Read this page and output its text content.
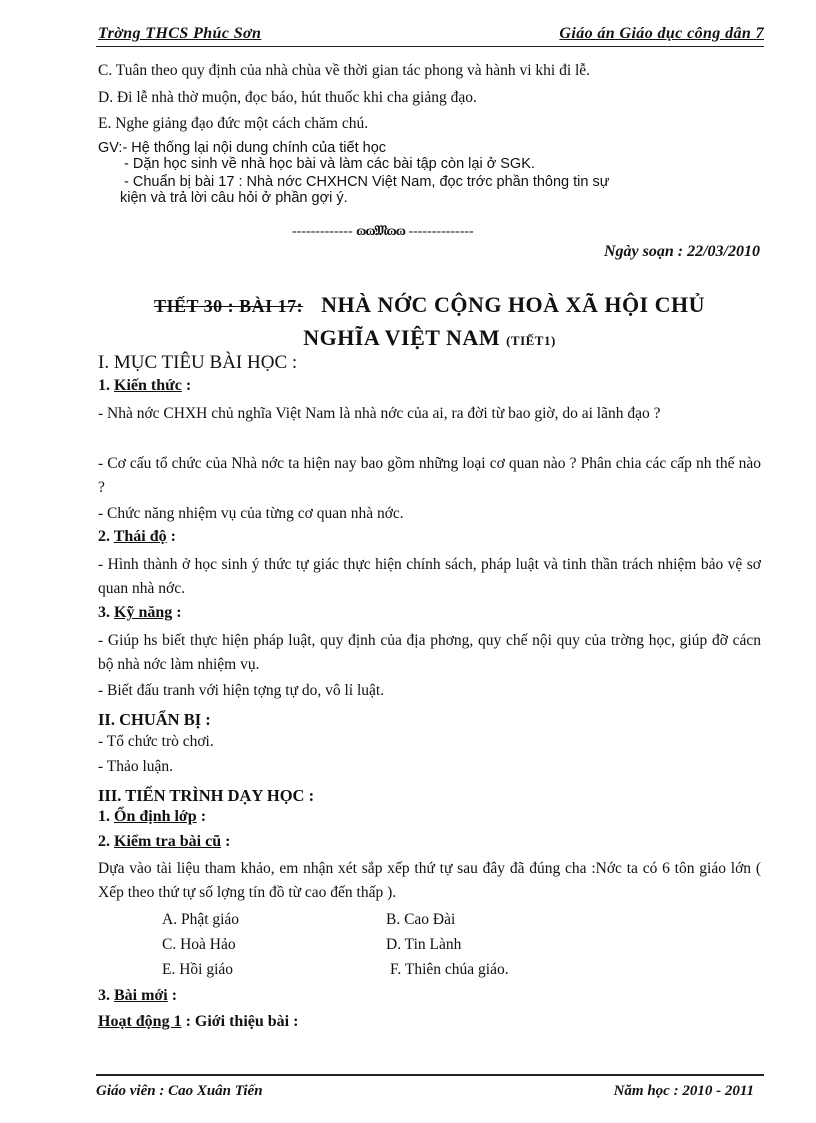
Trờng THCS Phúc Sơn	Giáo án Giáo dục công dân 7
C. Tuân theo quy định của nhà chùa về thời gian tác phong và hành vi khi đi lễ.
D. Đi lễ nhà thờ muộn, đọc báo, hút thuốc khi cha giảng đạo.
E. Nghe giảng đạo đức một cách chăm chú.
GV:- Hệ thống lại nội dung chính của tiết học
- Dặn học sinh về nhà học bài và làm các bài tập còn lại ở SGK.
- Chuẩn bị bài 17 : Nhà nớc CHXHCN Việt Nam, đọc trớc phần thông tin sự
kiện và trả lời câu hỏi ở phần gợi ý.
------------- ɷɷ𝔐ɷɷ --------------
Ngày soạn : 22/03/2010
TIẾT 30 : BÀI 17: NHÀ NỚC CỘNG HOÀ XÃ HỘI CHỦ
NGHĨA VIỆT NAM (TIẾT1)
I. MỤC TIÊU BÀI HỌC :
1. Kiến thức :
- Nhà nớc CHXH chủ nghĩa Việt Nam là nhà nớc của ai, ra đời từ bao giờ, do ai lãnh đạo ?
- Cơ cấu tổ chức của Nhà nớc ta hiện nay bao gồm những loại cơ quan nào ? Phân chia các cấp nh thế nào ?
- Chức năng nhiệm vụ của từng cơ quan nhà nớc.
2. Thái độ :
- Hình thành ở học sinh ý thức tự giác thực hiện chính sách, pháp luật và tinh thần trách nhiệm bảo vệ sơ quan nhà nớc.
3. Kỹ năng :
- Giúp hs biết thực hiện pháp luật, quy định của địa phơng, quy chế nội quy của trờng học, giúp đỡ cácn bộ nhà nớc làm nhiệm vụ.
- Biết đấu tranh với hiện tợng tự do, vô lỉ luật.
II. CHUẨN BỊ :
- Tổ chức trò chơi.
- Thảo luận.
III. TIẾN TRÌNH DẠY HỌC :
1. Ổn định lớp :
2. Kiểm tra bài cũ :
Dựa vào tài liệu tham khảo, em nhận xét sắp xếp thứ tự sau đây đã đúng cha :Nớc ta có 6 tôn giáo lớn ( Xếp theo thứ tự số lợng tín đồ từ cao đến thấp ).
A. Phật giáo	B. Cao Đài
C. Hoà Hảo	D. Tin Lành
E. Hồi giáo	F. Thiên chúa giáo.
3. Bài mới :
Hoạt động 1 : Giới thiệu bài :
Giáo viên : Cao Xuân Tiến	Năm học : 2010 - 2011
